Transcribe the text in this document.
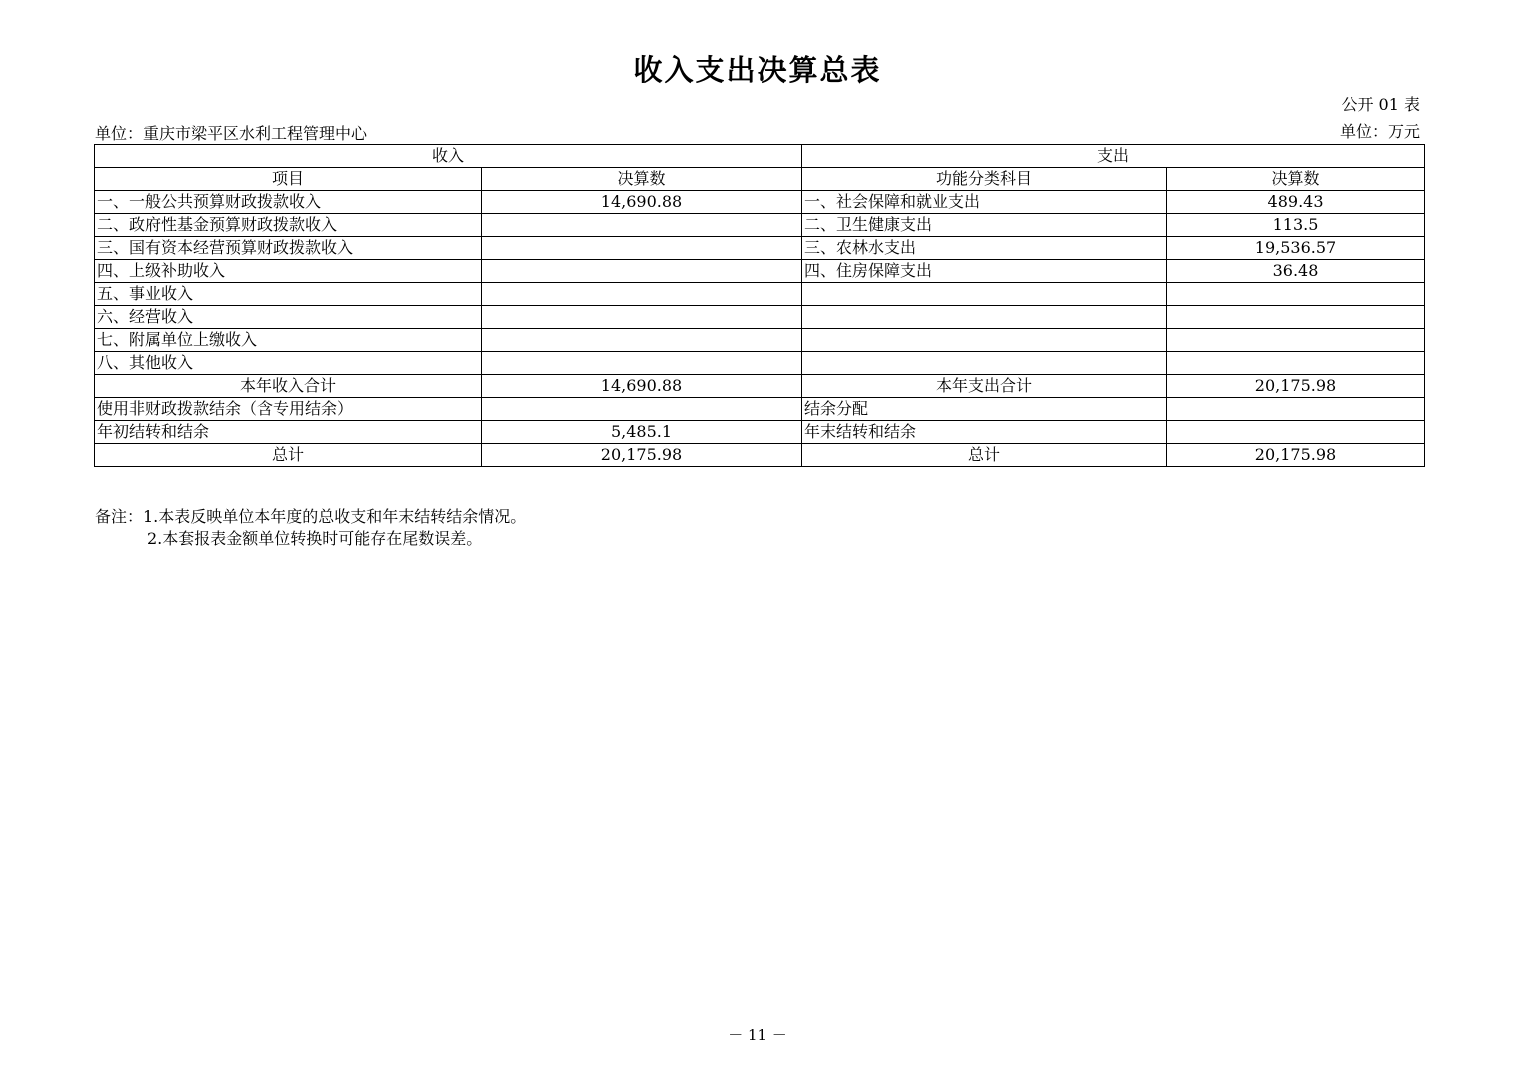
收入支出决算总表
公开 01 表
单位：重庆市梁平区水利工程管理中心	单位：万元
收入		支出	
项目	决算数	功能分类科目	决算数
一、一般公共预算财政拨款收入	14,690.88	一、社会保障和就业支出	489.43
二、政府性基金预算财政拨款收入		二、卫生健康支出	113.5
三、国有资本经营预算财政拨款收入		三、农林水支出	19,536.57
四、上级补助收入		四、住房保障支出	36.48
五、事业收入			
六、经营收入			
七、附属单位上缴收入			
八、其他收入			
本年收入合计	14,690.88	本年支出合计	20,175.98
使用非财政拨款结余（含专用结余）		结余分配	
年初结转和结余	5,485.1	年末结转和结余	
总计	20,175.98	总计	20,175.98
备注：1.本表反映单位本年度的总收支和年末结转结余情况。
2.本套报表金额单位转换时可能存在尾数误差。
－ 11 －
